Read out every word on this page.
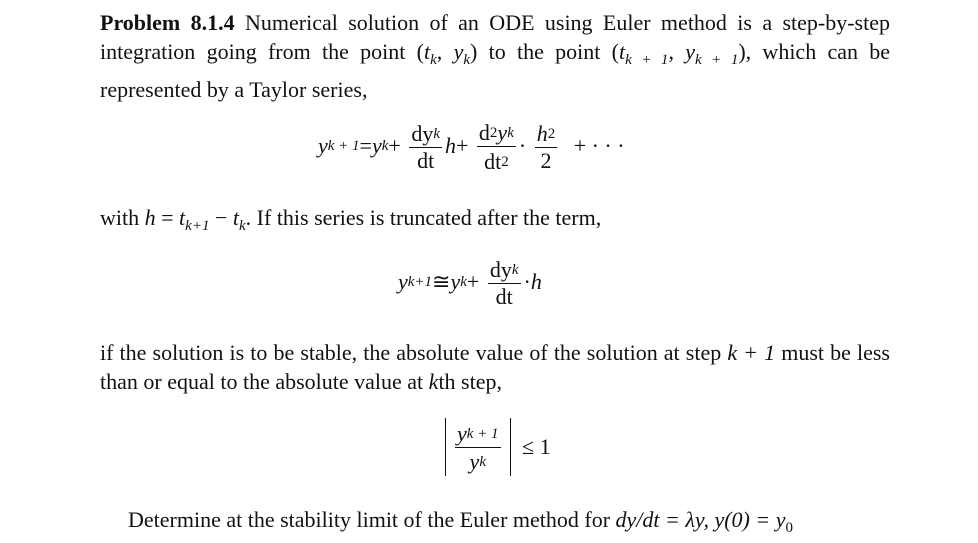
Problem 8.1.4 Numerical solution of an ODE using Euler method is a step-by-step integration going from the point ($t_k$, $y_k$) to the point ($t_{k + 1}$, $y_{k + 1}$), which can be represented by a Taylor series,
yk + $1=yk+ \frac{\text{dyk}}{dt} h+ \frac{d2yk}{dt2} \cdot \frac{h2}{2}$ + · · ·
with $h = t_{k+1} - t_k$. If this series is truncated after the term,
yk+1≅yk+ $\frac{\text{dyk}}{dt} \cdot h$
if the solution is to be stable, the absolute value of the solution at step k + 1 must be less than or equal to the absolute value at kth step,
$\frac{yk + 1}{yk} \le 1$
Determine at the stability limit of the Euler method for dy/dt = λy, $y(0) = y_0$
